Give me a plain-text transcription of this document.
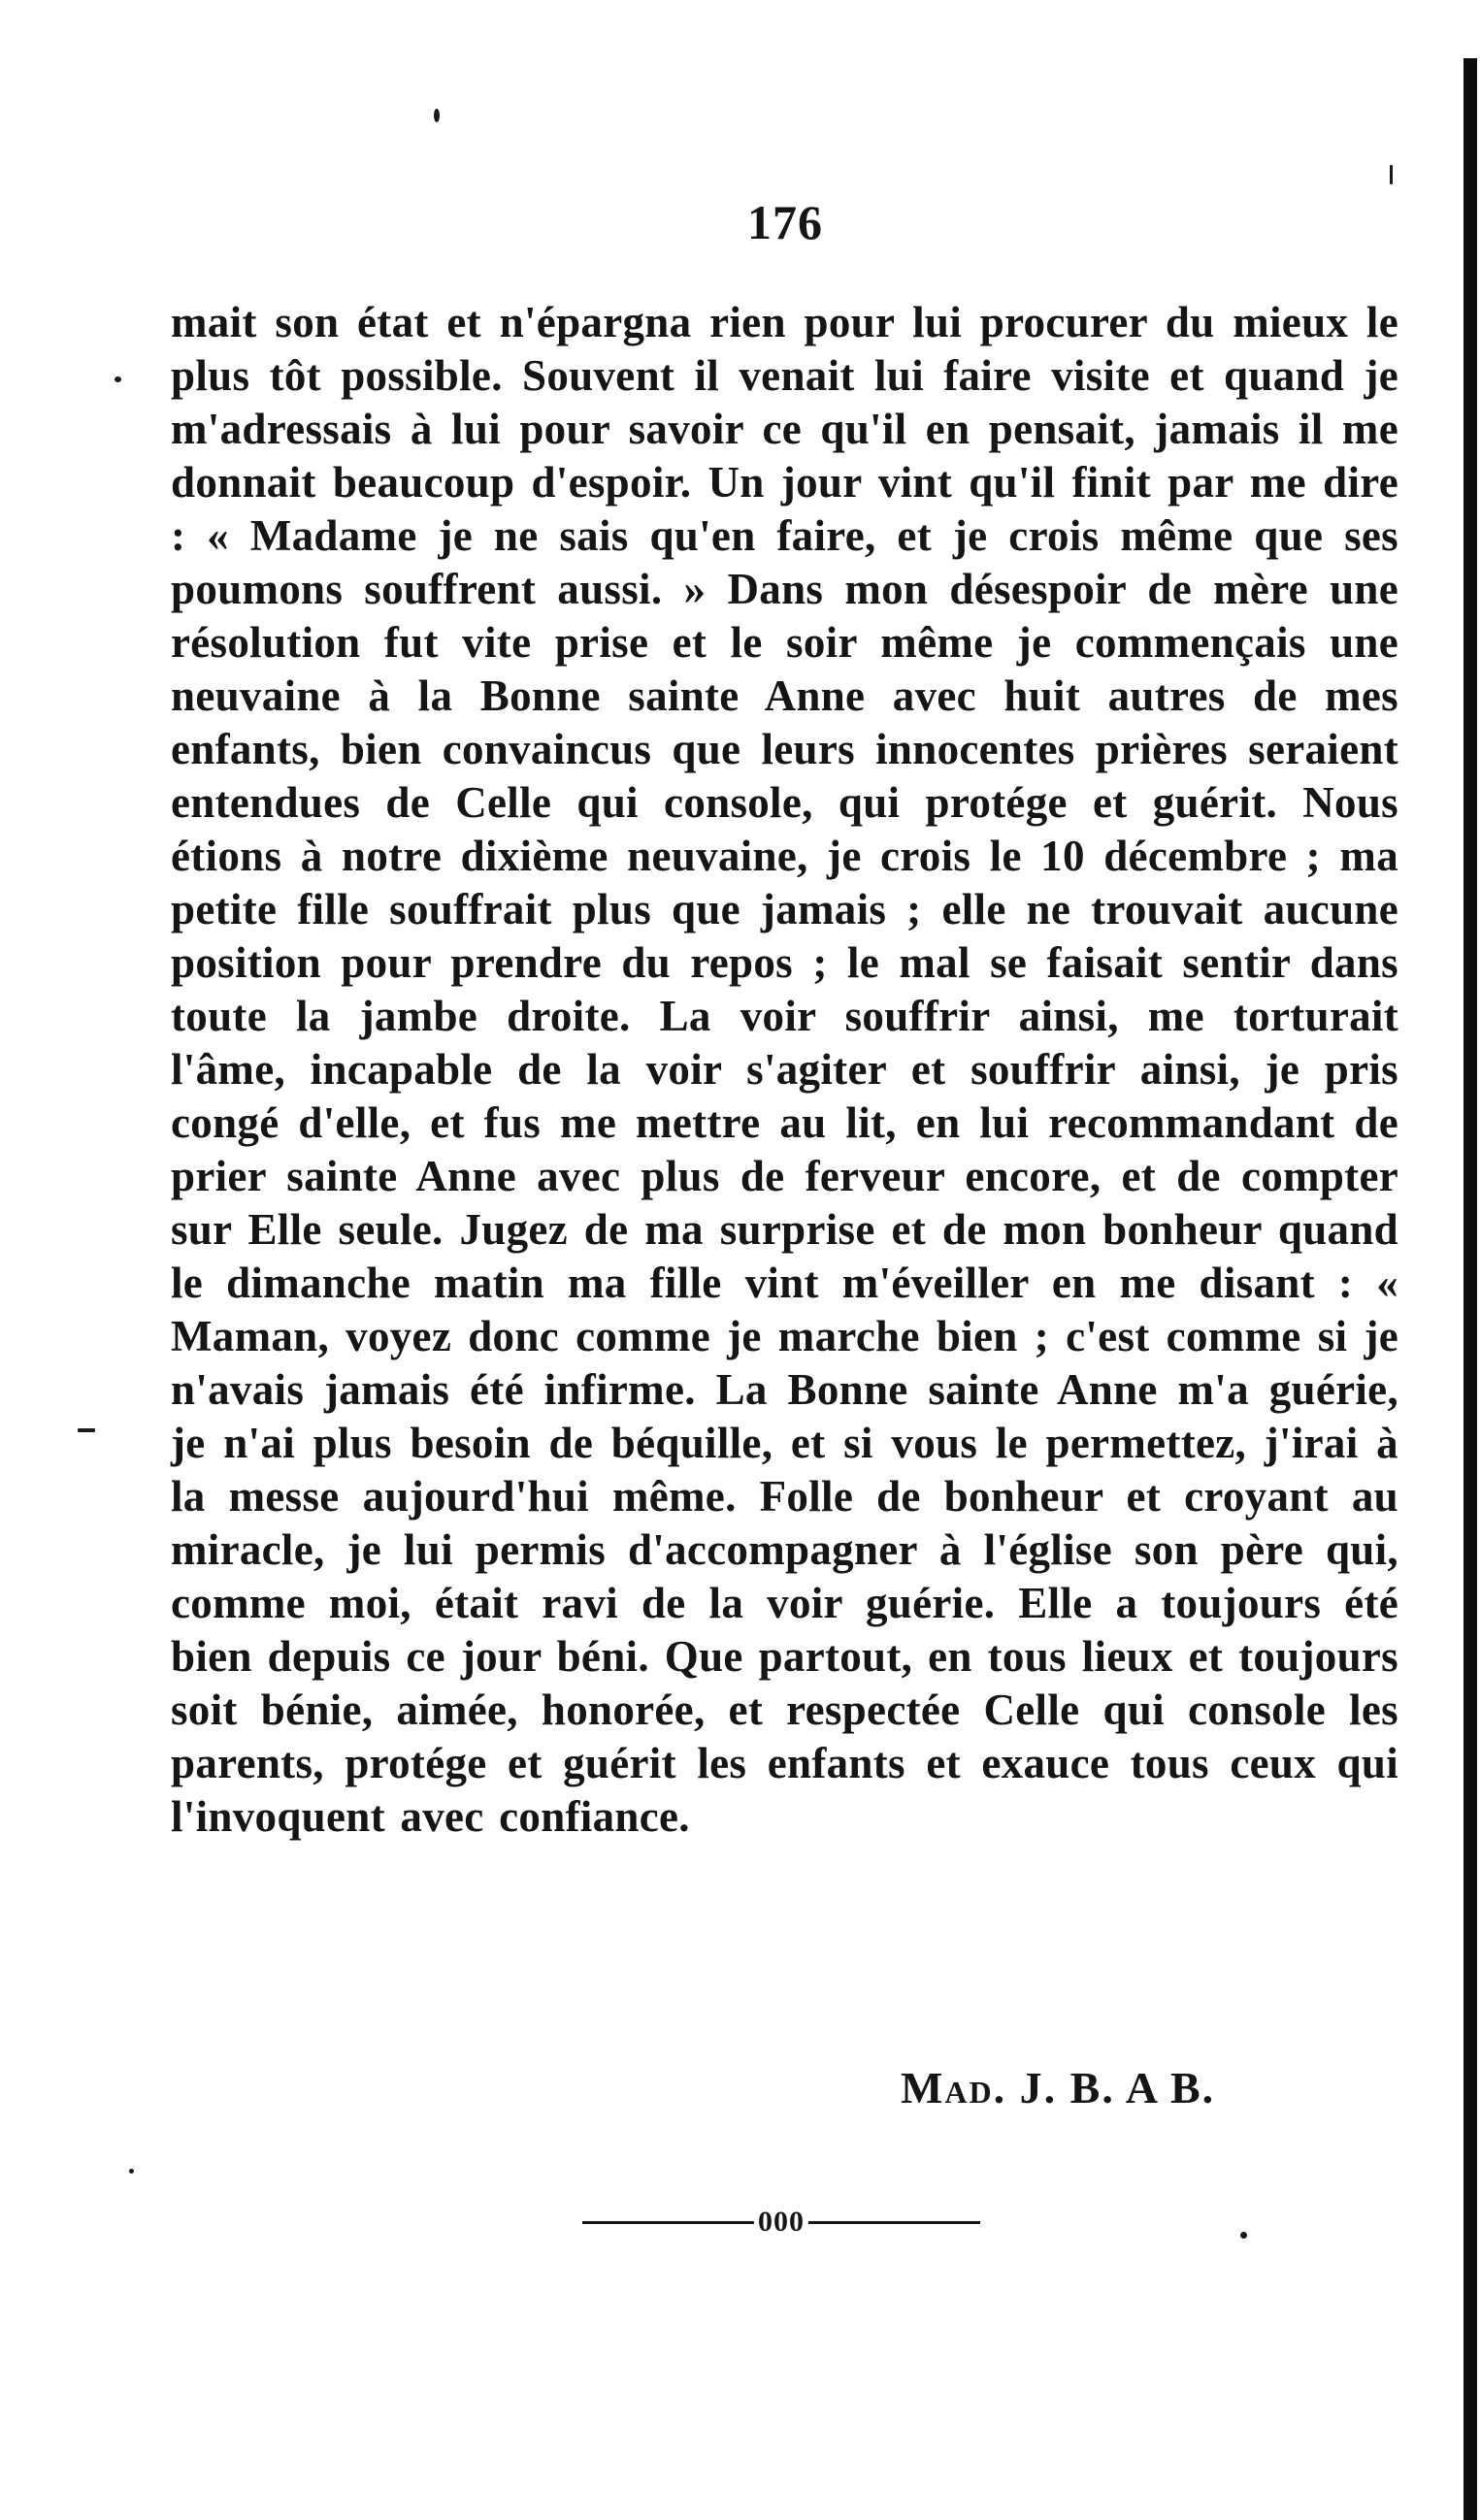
176

mait son état et n'épargna rien pour lui procurer du mieux le plus tôt possible. Souvent il venait lui faire visite et quand je m'adressais à lui pour savoir ce qu'il en pensait, jamais il me donnait beaucoup d'espoir. Un jour vint qu'il finit par me dire : « Madame je ne sais qu'en faire, et je crois même que ses poumons souffrent aussi. » Dans mon désespoir de mère une résolution fut vite prise et le soir même je commençais une neuvaine à la Bonne sainte Anne avec huit autres de mes enfants, bien convaincus que leurs innocentes prières seraient entendues de Celle qui console, qui protége et guérit. Nous étions à notre dixième neuvaine, je crois le 10 décembre ; ma petite fille souffrait plus que jamais ; elle ne trouvait aucune position pour prendre du repos ; le mal se faisait sentir dans toute la jambe droite. La voir souffrir ainsi, me torturait l'âme, incapable de la voir s'agiter et souffrir ainsi, je pris congé d'elle, et fus me mettre au lit, en lui recommandant de prier sainte Anne avec plus de ferveur encore, et de compter sur Elle seule. Jugez de ma surprise et de mon bonheur quand le dimanche matin ma fille vint m'éveiller en me disant : « Maman, voyez donc comme je marche bien ; c'est comme si je n'avais jamais été infirme. La Bonne sainte Anne m'a guérie, je n'ai plus besoin de béquille, et si vous le permettez, j'irai à la messe aujourd'hui même. Folle de bonheur et croyant au miracle, je lui permis d'accompagner à l'église son père qui, comme moi, était ravi de la voir guérie. Elle a toujours été bien depuis ce jour béni. Que partout, en tous lieux et toujours soit bénie, aimée, honorée, et respectée Celle qui console les parents, protége et guérit les enfants et exauce tous ceux qui l'invoquent avec confiance.

Mad. J. B. A B.
000
